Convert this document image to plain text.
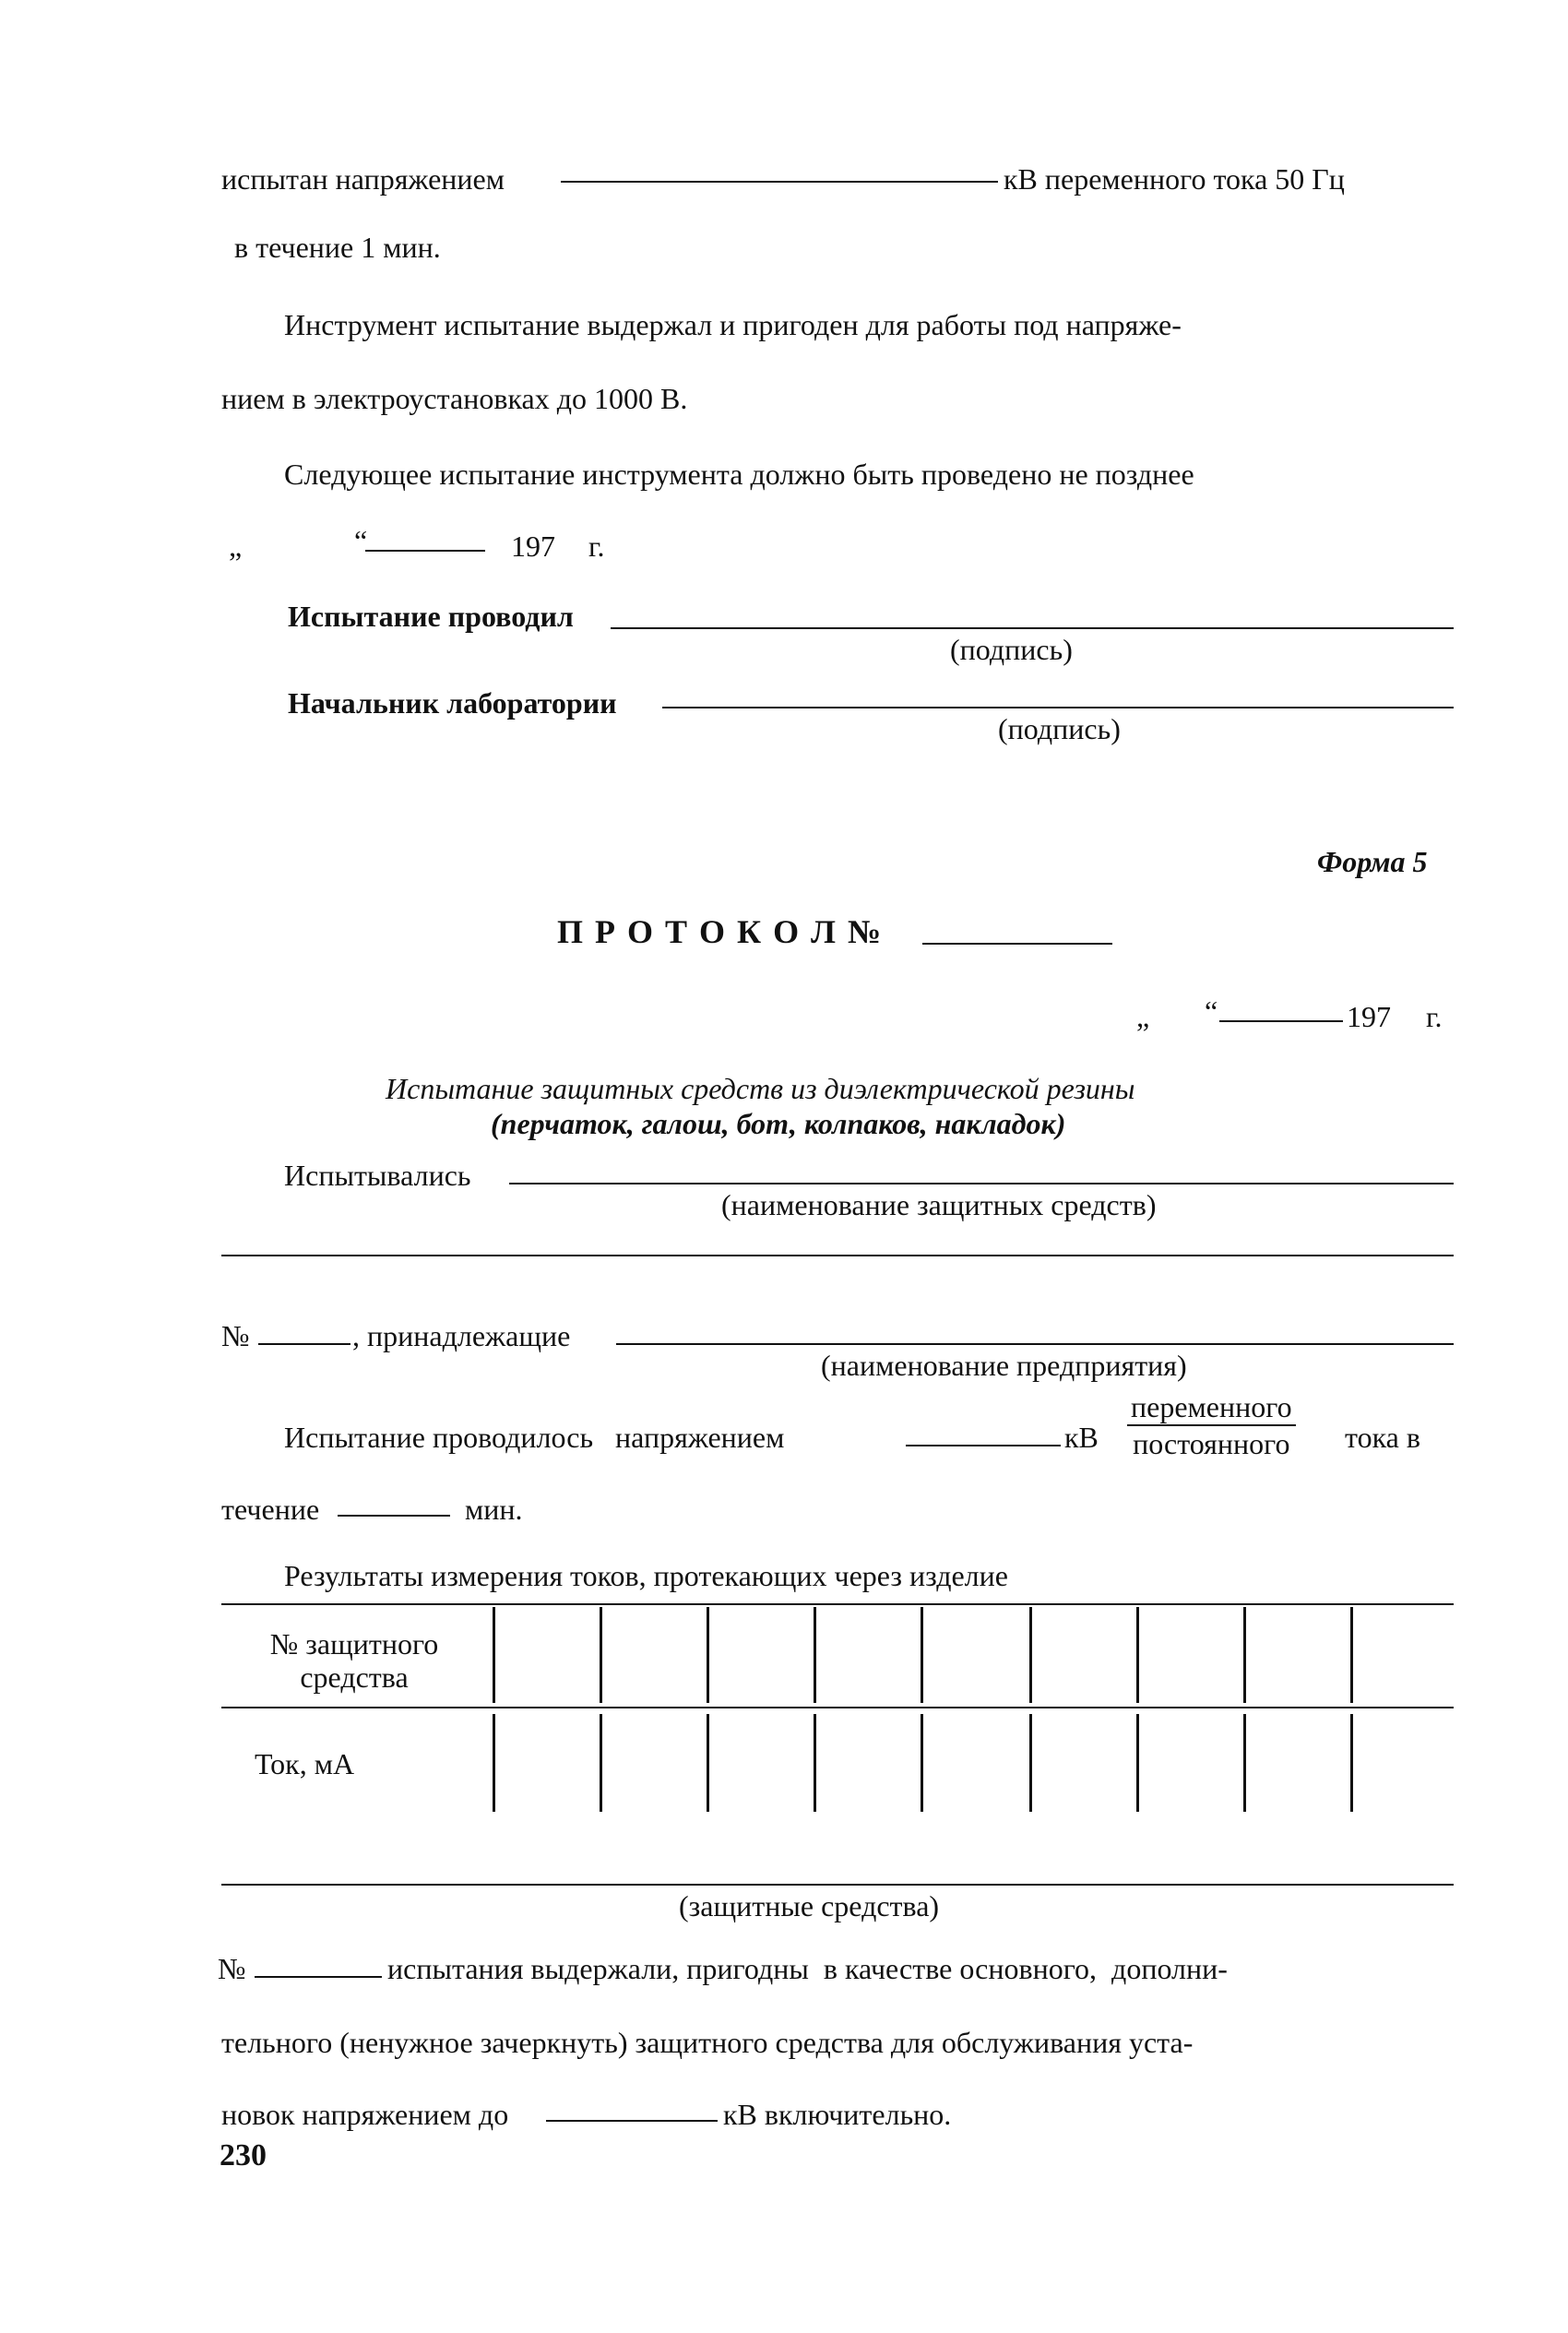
испытан напряжением	кВ переменного тока 50 Гц
в течение 1 мин.
Инструмент испытание выдержал и пригоден для работы под напряже-
нием в электроустановках до 1000 В.
Следующее испытание инструмента должно быть проведено не позднее
„	“	197 г.
Испытание проводил
(подпись)
Начальник лаборатории
(подпись)
Форма 5
П Р О Т О К О Л №
„ “	197 г.
Испытание защитных средств из диэлектрической резины
(перчаток, галош, бот, колпаков, накладок)
Испытывались
(наименование защитных средств)
№	, принадлежащие
(наименование предприятия)
Испытание проводилось   напряжением	кВ
переменного
постоянного тока в
течение	мин.
Результаты измерения токов, протекающих через изделие
№ защитного
средства
Ток, мА
(защитные средства)
№	испытания выдержали, пригодны  в качестве основного,  дополни-
тельного (ненужное зачеркнуть) защитного средства для обслуживания уста-
новок напряжением до	кВ включительно.
230
